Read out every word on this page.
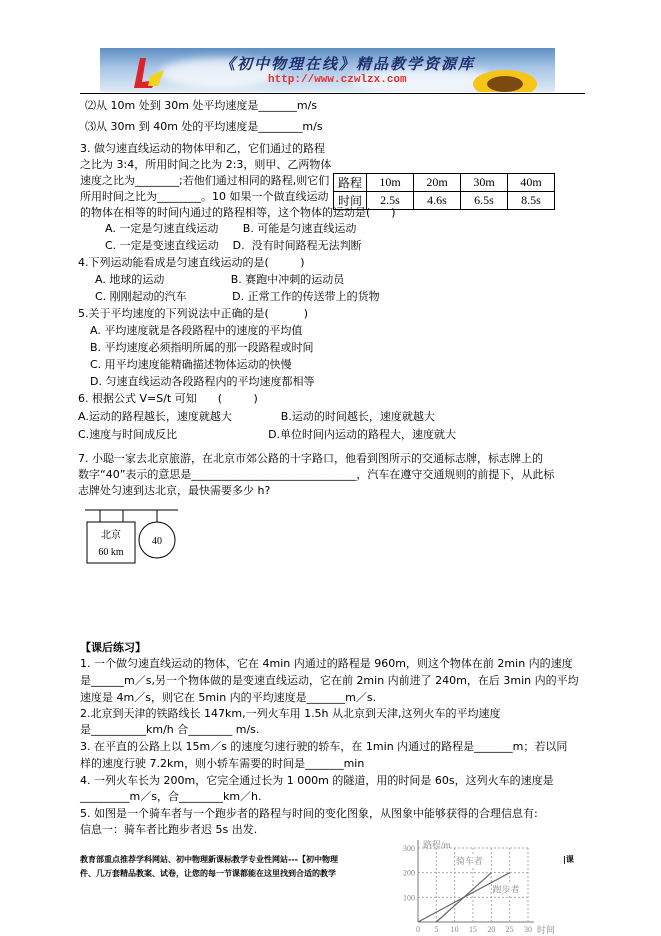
《初中物理在线》精品教学资源库
http://www.czwlzx.com
⑵从 10m 处到 30m 处平均速度是_______m/s
⑶从 30m 到 40m 处的平均速度是________m/s
3. 做匀速直线运动的物体甲和乙，它们通过的路程
之比为 3:4，所用时间之比为 2:3，则甲、乙两物体
速度之比为________;若他们通过相同的路程,则它们
所用时间之比为________。10 如果一个做直线运动
的物体在相等的时间内通过的路程相等，这个物体的运动是(      )
A. 一定是匀速直线运动       B. 可能是匀速直线运动
C. 一定是变速直线运动    D.  没有时间路程无法判断
4.下列运动能看成是匀速直线运动的是(         )
A. 地球的运动                   B. 赛跑中冲刺的运动员
C. 刚刚起动的汽车             D. 正常工作的传送带上的货物
5.关于平均速度的下列说法中正确的是(          )
A. 平均速度就是各段路程中的速度的平均值
B. 平均速度必须指明所属的那一段路程或时间
C. 用平均速度能精确描述物体运动的快慢
D. 匀速直线运动各段路程内的平均速度都相等
6. 根据公式 V=S/t 可知      (         )
A.运动的路程越长，速度就越大              B.运动的时间越长，速度就越大
C.速度与时间成反比                          D.单位时间内运动的路程大，速度就大
7. 小聪一家去北京旅游，在北京市郊公路的十字路口，他看到图所示的交通标志牌，标志牌上的
数字“40”表示的意思是______________________________，汽车在遵守交通规则的前提下，从此标
志牌处匀速到达北京，最快需要多少 h?
路程	10m	20m	30m	40m
时间	2.5s	4.6s	6.5s	8.5s
北京
60 km
40
【课后练习】
1. 一个做匀速直线运动的物体，它在 4min 内通过的路程是 960m，则这个物体在前 2min 内的速度
是______m／s,另一个物体做的是变速直线运动，它在前 2min 内前进了 240m，在后 3min 内的平均
速度是 4m／s，则它在 5min 内的平均速度是_______m／s.
2.北京到天津的铁路线长 147km,一列火车用 1.5h 从北京到天津,这列火车的平均速度
是__________km/h 合________ m/s.
3. 在平直的公路上以 15m／s 的速度匀速行驶的轿车，在 1min 内通过的路程是_______m；若以同
样的速度行驶 7.2km，则小轿车需要的时间是_______min
4. 一列火车长为 200m，它完全通过长为 1 000m 的隧道，用的时间是 60s，这列火车的速度是
_________m／s，合________km／h.
5. 如图是一个骑车者与一个跑步者的路程与时间的变化图象，从图象中能够获得的合理信息有:
信息一：骑车者比跑步者迟 5s 出发.
教育部重点推荐学科网站、初中物理新课标教学专业性网站---【初中物理	|课
件、几万套精品教案、试卷，让您的每一节课都能在这里找到合适的教学
路程/m
时间
100
200
300
0 5 10 15 20 25 30
骑车者
跑步者
